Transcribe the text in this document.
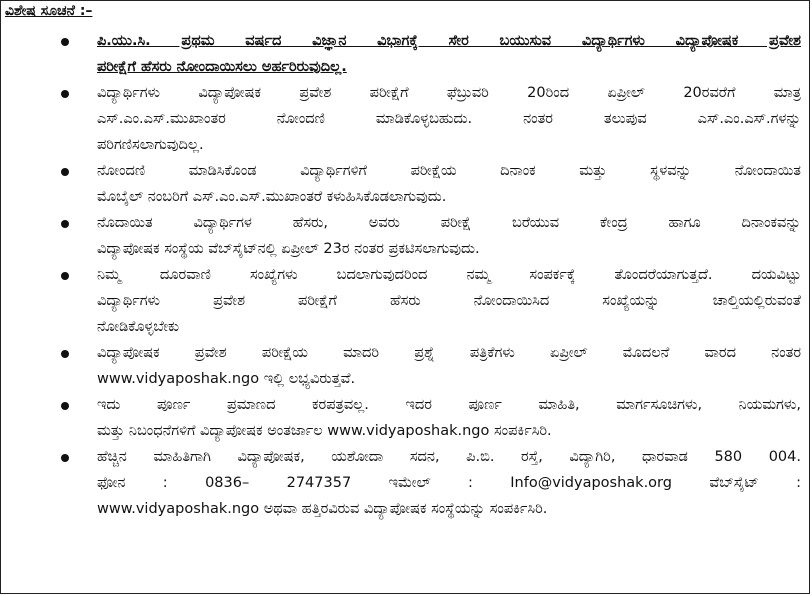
ವಿಶೇಷ ಸೂಚನೆ :–
ಪಿ.ಯು.ಸಿ. ಪ್ರಥಮ ವರ್ಷದ ವಿಜ್ಞಾನ ವಿಭಾಗಕ್ಕೆ ಸೇರ ಬಯುಸುವ ವಿದ್ಯಾರ್ಥಿಗಳು ವಿದ್ಯಾಪೋಷಕ ಪ್ರವೇಶ
ಪರೀಕ್ಷೆಗೆ ಹೆಸರು ನೋಂದಾಯಿಸಲು ಅರ್ಹರಿರುವುದಿಲ್ಲ.
ವಿದ್ಯಾರ್ಥಿಗಳು ವಿದ್ಯಾಪೋಷಕ ಪ್ರವೇಶ ಪರೀಕ್ಷೆಗೆ ಫೆಬ್ರುವರಿ 20ರಿಂದ ಏಪ್ರೀಲ್ 20ರವರೆಗೆ ಮಾತ್ರ
ಎಸ್.ಎಂ.ಎಸ್.ಮುಖಾಂತರ ನೋಂದಣಿ ಮಾಡಿಕೊಳ್ಳಬಹುದು. ನಂತರ ತಲುಪುವ ಎಸ್.ಎಂ.ಎಸ್.ಗಳನ್ನು
ಪರಿಗಣಿಸಲಾಗುವುದಿಲ್ಲ.
ನೋಂದಣಿ ಮಾಡಿಸಿಕೊಂಡ ವಿದ್ಯಾರ್ಥಿಗಳಿಗೆ ಪರೀಕ್ಷೆಯ ದಿನಾಂಕ ಮತ್ತು ಸ್ಥಳವನ್ನು ನೋಂದಾಯಿತ
ಮೊಬೈಲ್ ನಂಬರಿಗೆ ಎಸ್.ಎಂ.ಎಸ್.ಮುಖಾಂತರೆ ಕಳುಹಿಸಿಕೊಡಲಾಗುವುದು.
ನೊದಾಯಿತ ವಿದ್ಯಾರ್ಥಿಗಳ ಹೆಸರು, ಅವರು ಪರೀಕ್ಷೆ ಬರೆಯುವ ಕೇಂದ್ರ ಹಾಗೂ ದಿನಾಂಕವನ್ನು
ವಿದ್ಯಾಪೋಷಕ ಸಂಸ್ಥೆಯ ವೆಬ್‌ಸೈಟ್‌ನಲ್ಲಿ ಏಪ್ರೀಲ್ 23ರ ನಂತರ ಪ್ರಕಟಿಸಲಾಗುವುದು.
ನಿಮ್ಮ ದೂರವಾಣಿ ಸಂಖ್ಯೆಗಳು ಬದಲಾಗುವುದರಿಂದ ನಮ್ಮ ಸಂಪರ್ಕಕ್ಕೆ ತೊಂದರೆಯಾಗುತ್ತದೆ. ದಯವಿಟ್ಟು
ವಿದ್ಯಾರ್ಥಿಗಳು ಪ್ರವೇಶ ಪರೀಕ್ಷೆಗೆ ಹೆಸರು ನೋಂದಾಯಿಸಿದ ಸಂಖ್ಯೆಯನ್ನು ಚಾಲ್ತಿಯಲ್ಲಿರುವಂತೆ
ನೋಡಿಕೊಳ್ಳಬೇಕು
ವಿದ್ಯಾಪೋಷಕ ಪ್ರವೇಶ ಪರೀಕ್ಷೆಯ ಮಾದರಿ ಪ್ರಶ್ನೆ ಪತ್ರಿಕೆಗಳು ಏಪ್ರೀಲ್ ಮೊದಲನೆ ವಾರದ ನಂತರ
www.vidyaposhak.ngo ಇಲ್ಲಿ ಲಭ್ಯವಿರುತ್ತವೆ.
ಇದು ಪೂರ್ಣ ಪ್ರಮಾಣದ ಕರಪತ್ರವಲ್ಲ. ಇದರ ಪೂರ್ಣ ಮಾಹಿತಿ, ಮಾರ್ಗಸೂಚಿಗಳು, ನಿಯಮಗಳು,
ಮತ್ತು ನಿಬಂಧನೆಗಳಿಗೆ ವಿದ್ಯಾಪೋಷಕ ಅಂತರ್ಜಾಲ www.vidyaposhak.ngo ಸಂಪರ್ಕಿಸಿರಿ.
ಹೆಚ್ಚಿನ ಮಾಹಿತಿಗಾಗಿ ವಿದ್ಯಾಪೋಷಕ, ಯಶೋದಾ ಸದನ, ಪಿ.ಬಿ. ರಸ್ತೆ, ವಿದ್ಯಾಗಿರಿ, ಧಾರವಾಡ 580 004.
ಫೋನ : 0836– 2747357 ಇಮೇಲ್ : Info@vidyaposhak.org ವೆಬ್‌ಸೈಟ್ :
www.vidyaposhak.ngo ಅಥವಾ ಹತ್ತಿರವಿರುವ ವಿದ್ಯಾಪೋಷಕ ಸಂಸ್ಥೆಯನ್ನು ಸಂಪರ್ಕಿಸಿರಿ.
